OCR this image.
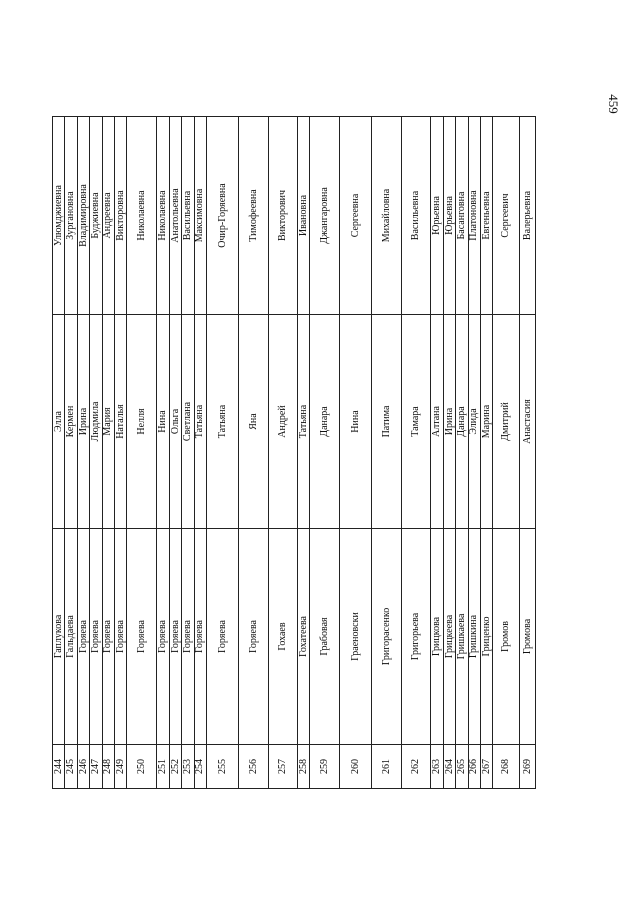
459
244	Гаплукова	Элла	Улюмджиевна
245	Гальдаева	Кермен	Зургановна
246	Горяева	Ирина	Владимировна
247	Горяева	Людмила	Буджиевна
248	Горяева	Мария	Андреевна
249	Горяева	Наталья	Викторовна
250	Горяева	Нелля	Николаевна
251	Горяева	Нина	Николаевна
252	Горяева	Ольга	Анатольевна
253	Горяева	Светлана	Васильевна
254	Горяева	Татьяна	Максимовна
255	Горяева	Татьяна	Очир-Горяевна
256	Горяева	Яна	Тимофеевна
257	Гохаев	Андрей	Викторович
258	Гохатеева	Татьяна	Ивановна
259	Грабовая	Данара	Джангаровна
260	Граеновски	Нина	Сергеевна
261	Григорасенко	Патима	Михайловна
262	Григорьева	Тамара	Васильевна
263	Грицкова	Алтана	Юрьевна
264	Грицкеева	Ирина	Юрьевна
265	Гришкаева	Данара	Басанговна
266	Гришкина	Элида	Платоновна
267	Гриценко	Марина	Евгеньевна
268	Громов	Дмитрий	Сергеевич
269	Громова	Анастасия	Валерьевна
